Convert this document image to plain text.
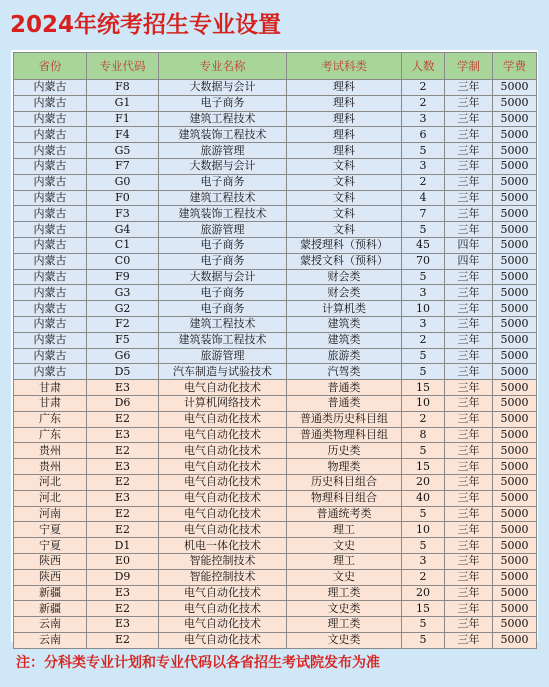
2024年统考招生专业设置
省份	专业代码	专业名称	考试科类	人数	学制	学费
内蒙古	F8	大数据与会计	理科	2	三年	5000
内蒙古	G1	电子商务	理科	2	三年	5000
内蒙古	F1	建筑工程技术	理科	3	三年	5000
内蒙古	F4	建筑装饰工程技术	理科	6	三年	5000
内蒙古	G5	旅游管理	理科	5	三年	5000
内蒙古	F7	大数据与会计	文科	3	三年	5000
内蒙古	G0	电子商务	文科	2	三年	5000
内蒙古	F0	建筑工程技术	文科	4	三年	5000
内蒙古	F3	建筑装饰工程技术	文科	7	三年	5000
内蒙古	G4	旅游管理	文科	5	三年	5000
内蒙古	C1	电子商务	蒙授理科（预科）	45	四年	5000
内蒙古	C0	电子商务	蒙授文科（预科）	70	四年	5000
内蒙古	F9	大数据与会计	财会类	5	三年	5000
内蒙古	G3	电子商务	财会类	3	三年	5000
内蒙古	G2	电子商务	计算机类	10	三年	5000
内蒙古	F2	建筑工程技术	建筑类	3	三年	5000
内蒙古	F5	建筑装饰工程技术	建筑类	2	三年	5000
内蒙古	G6	旅游管理	旅游类	5	三年	5000
内蒙古	D5	汽车制造与试验技术	汽驾类	5	三年	5000
甘肃	E3	电气自动化技术	普通类	15	三年	5000
甘肃	D6	计算机网络技术	普通类	10	三年	5000
广东	E2	电气自动化技术	普通类历史科目组	2	三年	5000
广东	E3	电气自动化技术	普通类物理科目组	8	三年	5000
贵州	E2	电气自动化技术	历史类	5	三年	5000
贵州	E3	电气自动化技术	物理类	15	三年	5000
河北	E2	电气自动化技术	历史科目组合	20	三年	5000
河北	E3	电气自动化技术	物理科目组合	40	三年	5000
河南	E2	电气自动化技术	普通统考类	5	三年	5000
宁夏	E2	电气自动化技术	理工	10	三年	5000
宁夏	D1	机电一体化技术	文史	5	三年	5000
陕西	E0	智能控制技术	理工	3	三年	5000
陕西	D9	智能控制技术	文史	2	三年	5000
新疆	E3	电气自动化技术	理工类	20	三年	5000
新疆	E2	电气自动化技术	文史类	15	三年	5000
云南	E3	电气自动化技术	理工类	5	三年	5000
云南	E2	电气自动化技术	文史类	5	三年	5000
注：分科类专业计划和专业代码以各省招生考试院发布为准
